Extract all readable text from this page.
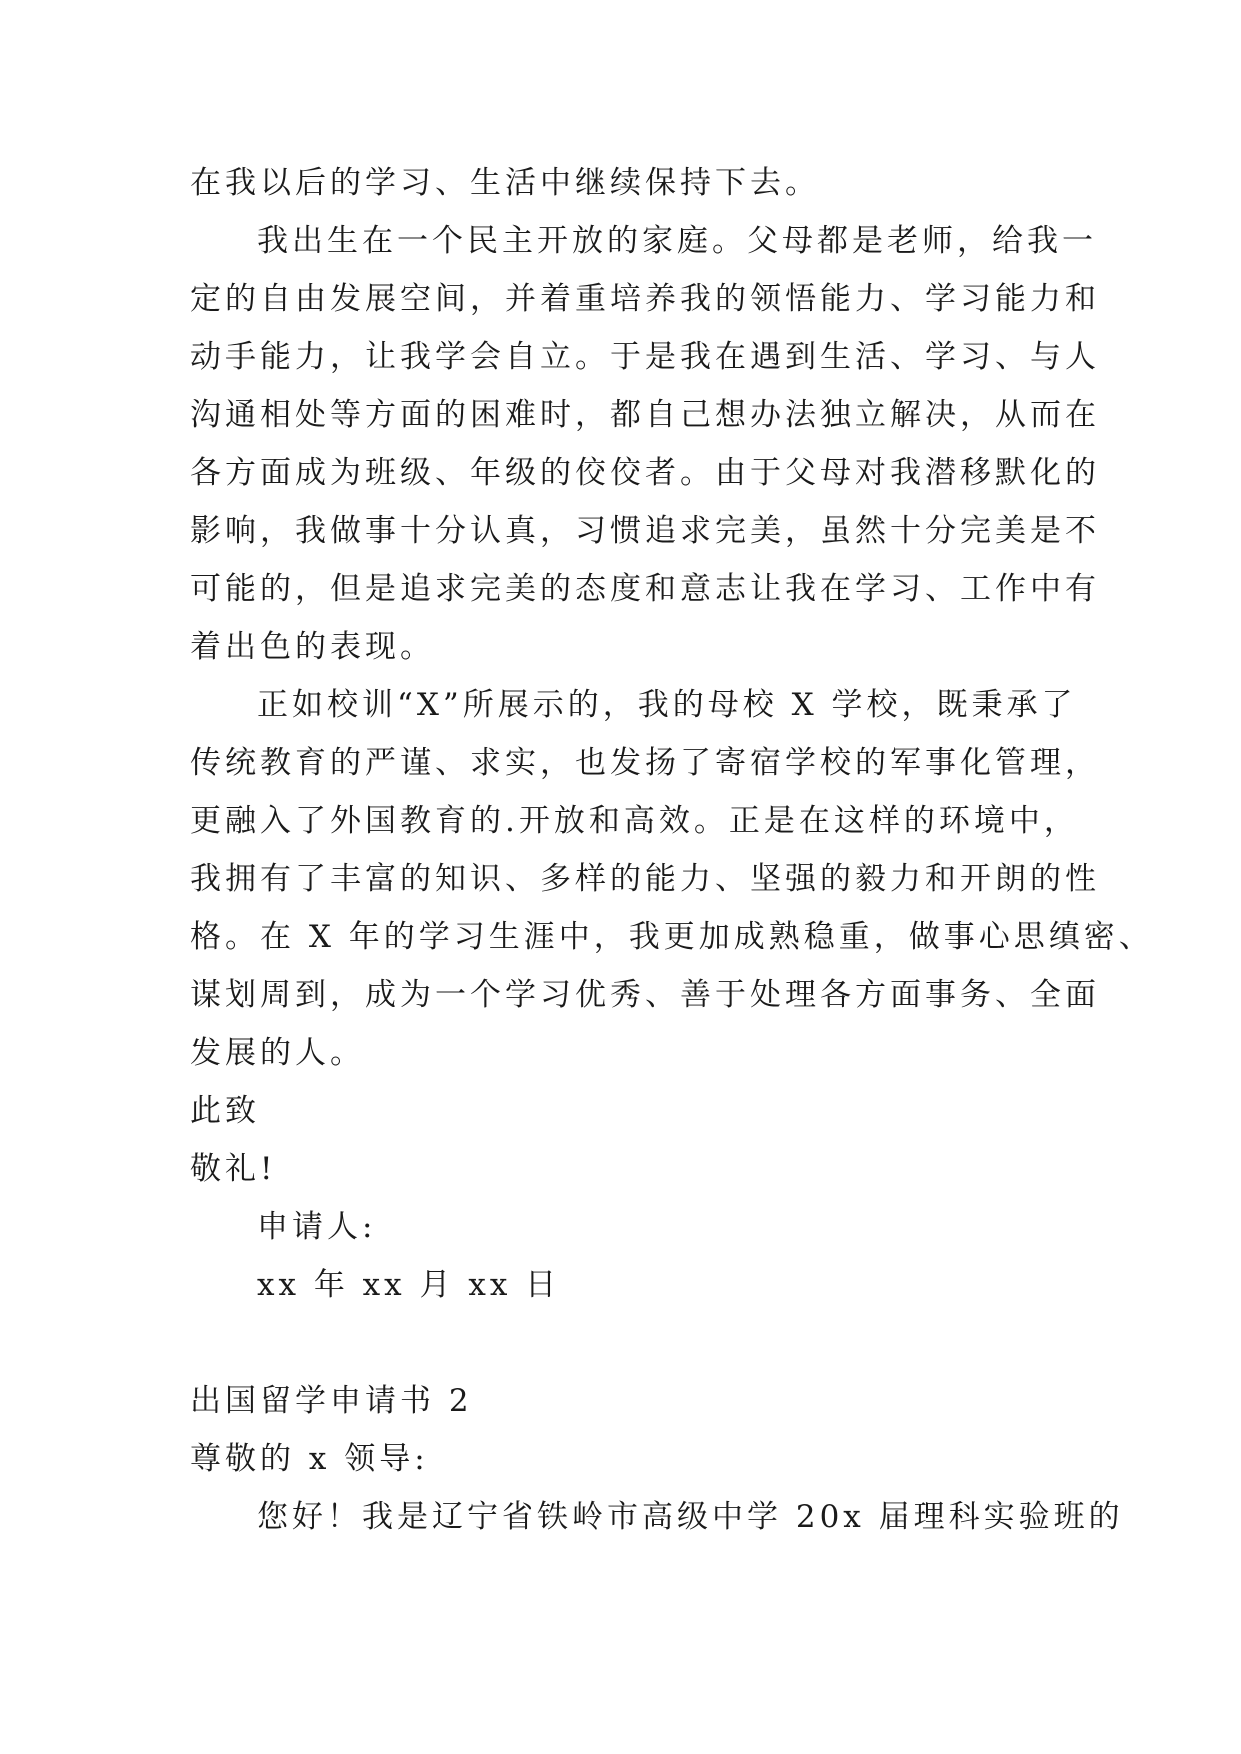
在我以后的学习、生活中继续保持下去。
我出生在一个民主开放的家庭。父母都是老师，给我一
定的自由发展空间，并着重培养我的领悟能力、学习能力和
动手能力，让我学会自立。于是我在遇到生活、学习、与人
沟通相处等方面的困难时，都自己想办法独立解决，从而在
各方面成为班级、年级的佼佼者。由于父母对我潜移默化的
影响，我做事十分认真，习惯追求完美，虽然十分完美是不
可能的，但是追求完美的态度和意志让我在学习、工作中有
着出色的表现。
正如校训“X”所展示的，我的母校 X 学校，既秉承了
传统教育的严谨、求实，也发扬了寄宿学校的军事化管理，
更融入了外国教育的.开放和高效。正是在这样的环境中，
我拥有了丰富的知识、多样的能力、坚强的毅力和开朗的性
格。在 X 年的学习生涯中，我更加成熟稳重，做事心思缜密、
谋划周到，成为一个学习优秀、善于处理各方面事务、全面
发展的人。
此致
敬礼!
申请人:
xx 年 xx 月 xx 日
出国留学申请书 2
尊敬的 x 领导:
您好！我是辽宁省铁岭市高级中学 20x 届理科实验班的
